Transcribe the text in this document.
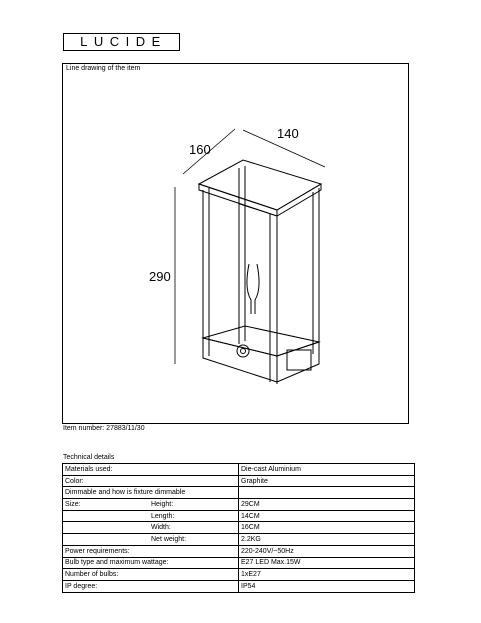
LUCIDE
Line drawing of the item
160
140
290
Item number: 27883/11/30
Technical details
Materials used:	Die-cast Aluminium
Color:	Graphite
Dimmable and how is fixture dimmable	
Size: Height:	29CM
Length:	14CM
Width:	16CM
Net weight:	2.2KG
Power requirements:	220-240V/~50Hz
Bulb type and maximum wattage:	E27 LED Max.15W
Number of bulbs:	1xE27
IP degree:	IP54
